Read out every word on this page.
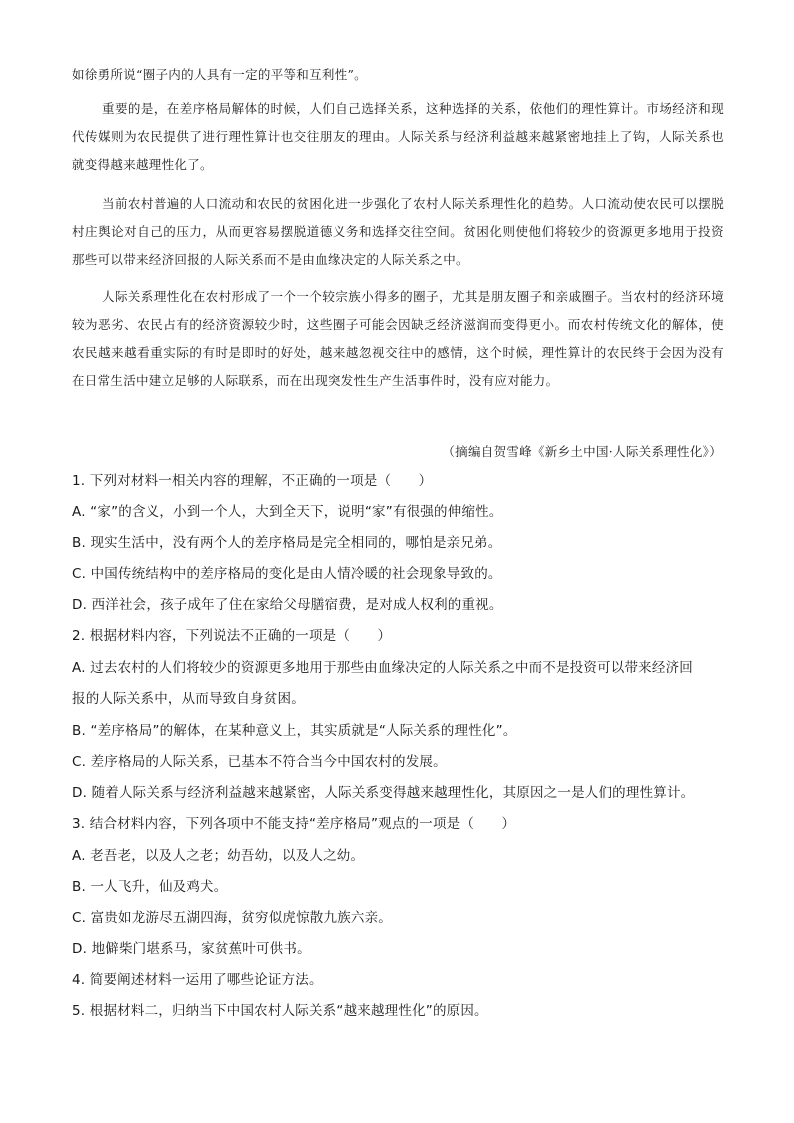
如徐勇所说“圈子内的人具有一定的平等和互利性”。

重要的是，在差序格局解体的时候，人们自己选择关系，这种选择的关系，依他们的理性算计。市场经济和现代传媒则为农民提供了进行理性算计也交往朋友的理由。人际关系与经济利益越来越紧密地挂上了钩，人际关系也就变得越来越理性化了。

当前农村普遍的人口流动和农民的贫困化进一步强化了农村人际关系理性化的趋势。人口流动使农民可以摆脱村庄舆论对自己的压力，从而更容易摆脱道德义务和选择交往空间。贫困化则使他们将较少的资源更多地用于投资那些可以带来经济回报的人际关系而不是由血缘决定的人际关系之中。

人际关系理性化在农村形成了一个一个较宗族小得多的圈子，尤其是朋友圈子和亲戚圈子。当农村的经济环境较为恶劣、农民占有的经济资源较少时，这些圈子可能会因缺乏经济滋润而变得更小。而农村传统文化的解体，使农民越来越看重实际的有时是即时的好处，越来越忽视交往中的感情，这个时候，理性算计的农民终于会因为没有在日常生活中建立足够的人际联系，而在出现突发性生产生活事件时，没有应对能力。

（摘编自贺雪峰《新乡土中国·人际关系理性化》）

1. 下列对材料一相关内容的理解，不正确的一项是（　　）
A. “家”的含义，小到一个人，大到全天下，说明“家”有很强的伸缩性。
B. 现实生活中，没有两个人的差序格局是完全相同的，哪怕是亲兄弟。
C. 中国传统结构中的差序格局的变化是由人情冷暖的社会现象导致的。
D. 西洋社会，孩子成年了住在家给父母膳宿费，是对成人权利的重视。
2. 根据材料内容，下列说法不正确的一项是（　　）
A. 过去农村的人们将较少的资源更多地用于那些由血缘决定的人际关系之中而不是投资可以带来经济回
报的人际关系中，从而导致自身贫困。
B. “差序格局”的解体，在某种意义上，其实质就是“人际关系的理性化”。
C. 差序格局的人际关系，已基本不符合当今中国农村的发展。
D. 随着人际关系与经济利益越来越紧密，人际关系变得越来越理性化，其原因之一是人们的理性算计。
3. 结合材料内容，下列各项中不能支持“差序格局”观点的一项是（　　）
A. 老吾老，以及人之老；幼吾幼，以及人之幼。
B. 一人飞升，仙及鸡犬。
C. 富贵如龙游尽五湖四海，贫穷似虎惊散九族六亲。
D. 地僻柴门堪系马，家贫蕉叶可供书。
4. 简要阐述材料一运用了哪些论证方法。
5. 根据材料二，归纳当下中国农村人际关系“越来越理性化”的原因。
